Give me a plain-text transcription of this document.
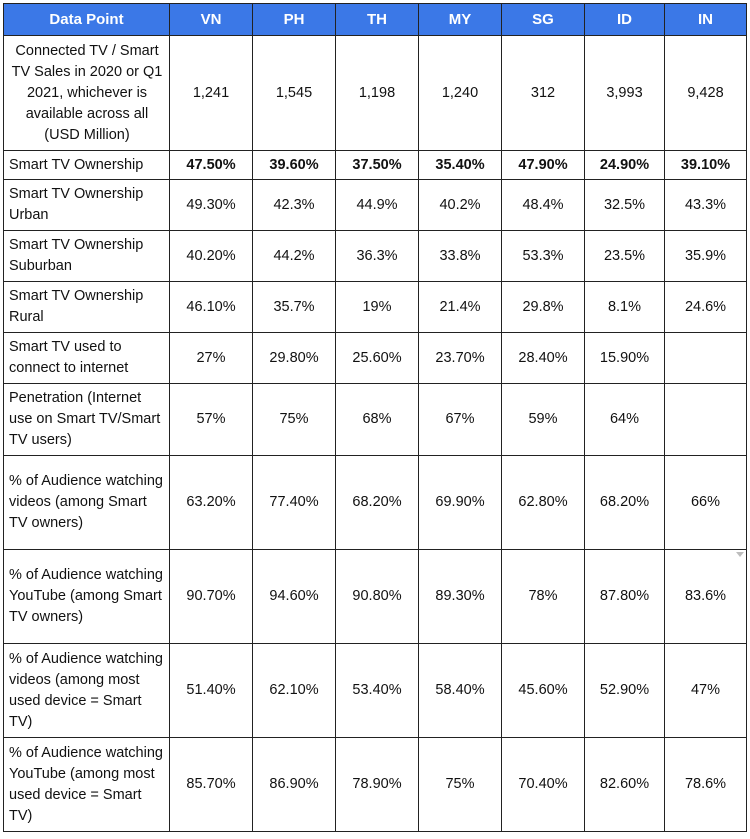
Data Point	VN	PH	TH	MY	SG	ID	IN
Connected TV / Smart TV Sales in 2020 or Q1 2021, whichever is available across all (USD Million)	1,241	1,545	1,198	1,240	312	3,993	9,428
Smart TV Ownership	47.50%	39.60%	37.50%	35.40%	47.90%	24.90%	39.10%
Smart TV Ownership Urban	49.30%	42.3%	44.9%	40.2%	48.4%	32.5%	43.3%
Smart TV Ownership Suburban	40.20%	44.2%	36.3%	33.8%	53.3%	23.5%	35.9%
Smart TV Ownership Rural	46.10%	35.7%	19%	21.4%	29.8%	8.1%	24.6%
Smart TV used to connect to internet	27%	29.80%	25.60%	23.70%	28.40%	15.90%	
Penetration (Internet use on Smart TV/Smart TV users)	57%	75%	68%	67%	59%	64%	
% of Audience watching videos (among Smart TV owners)	63.20%	77.40%	68.20%	69.90%	62.80%	68.20%	66%
% of Audience watching YouTube (among Smart TV owners)	90.70%	94.60%	90.80%	89.30%	78%	87.80%	83.6%

% of Audience watching videos (among most used device = Smart TV)	51.40%	62.10%	53.40%	58.40%	45.60%	52.90%	47%
% of Audience watching YouTube (among most used device = Smart TV)	85.70%	86.90%	78.90%	75%	70.40%	82.60%	78.6%
